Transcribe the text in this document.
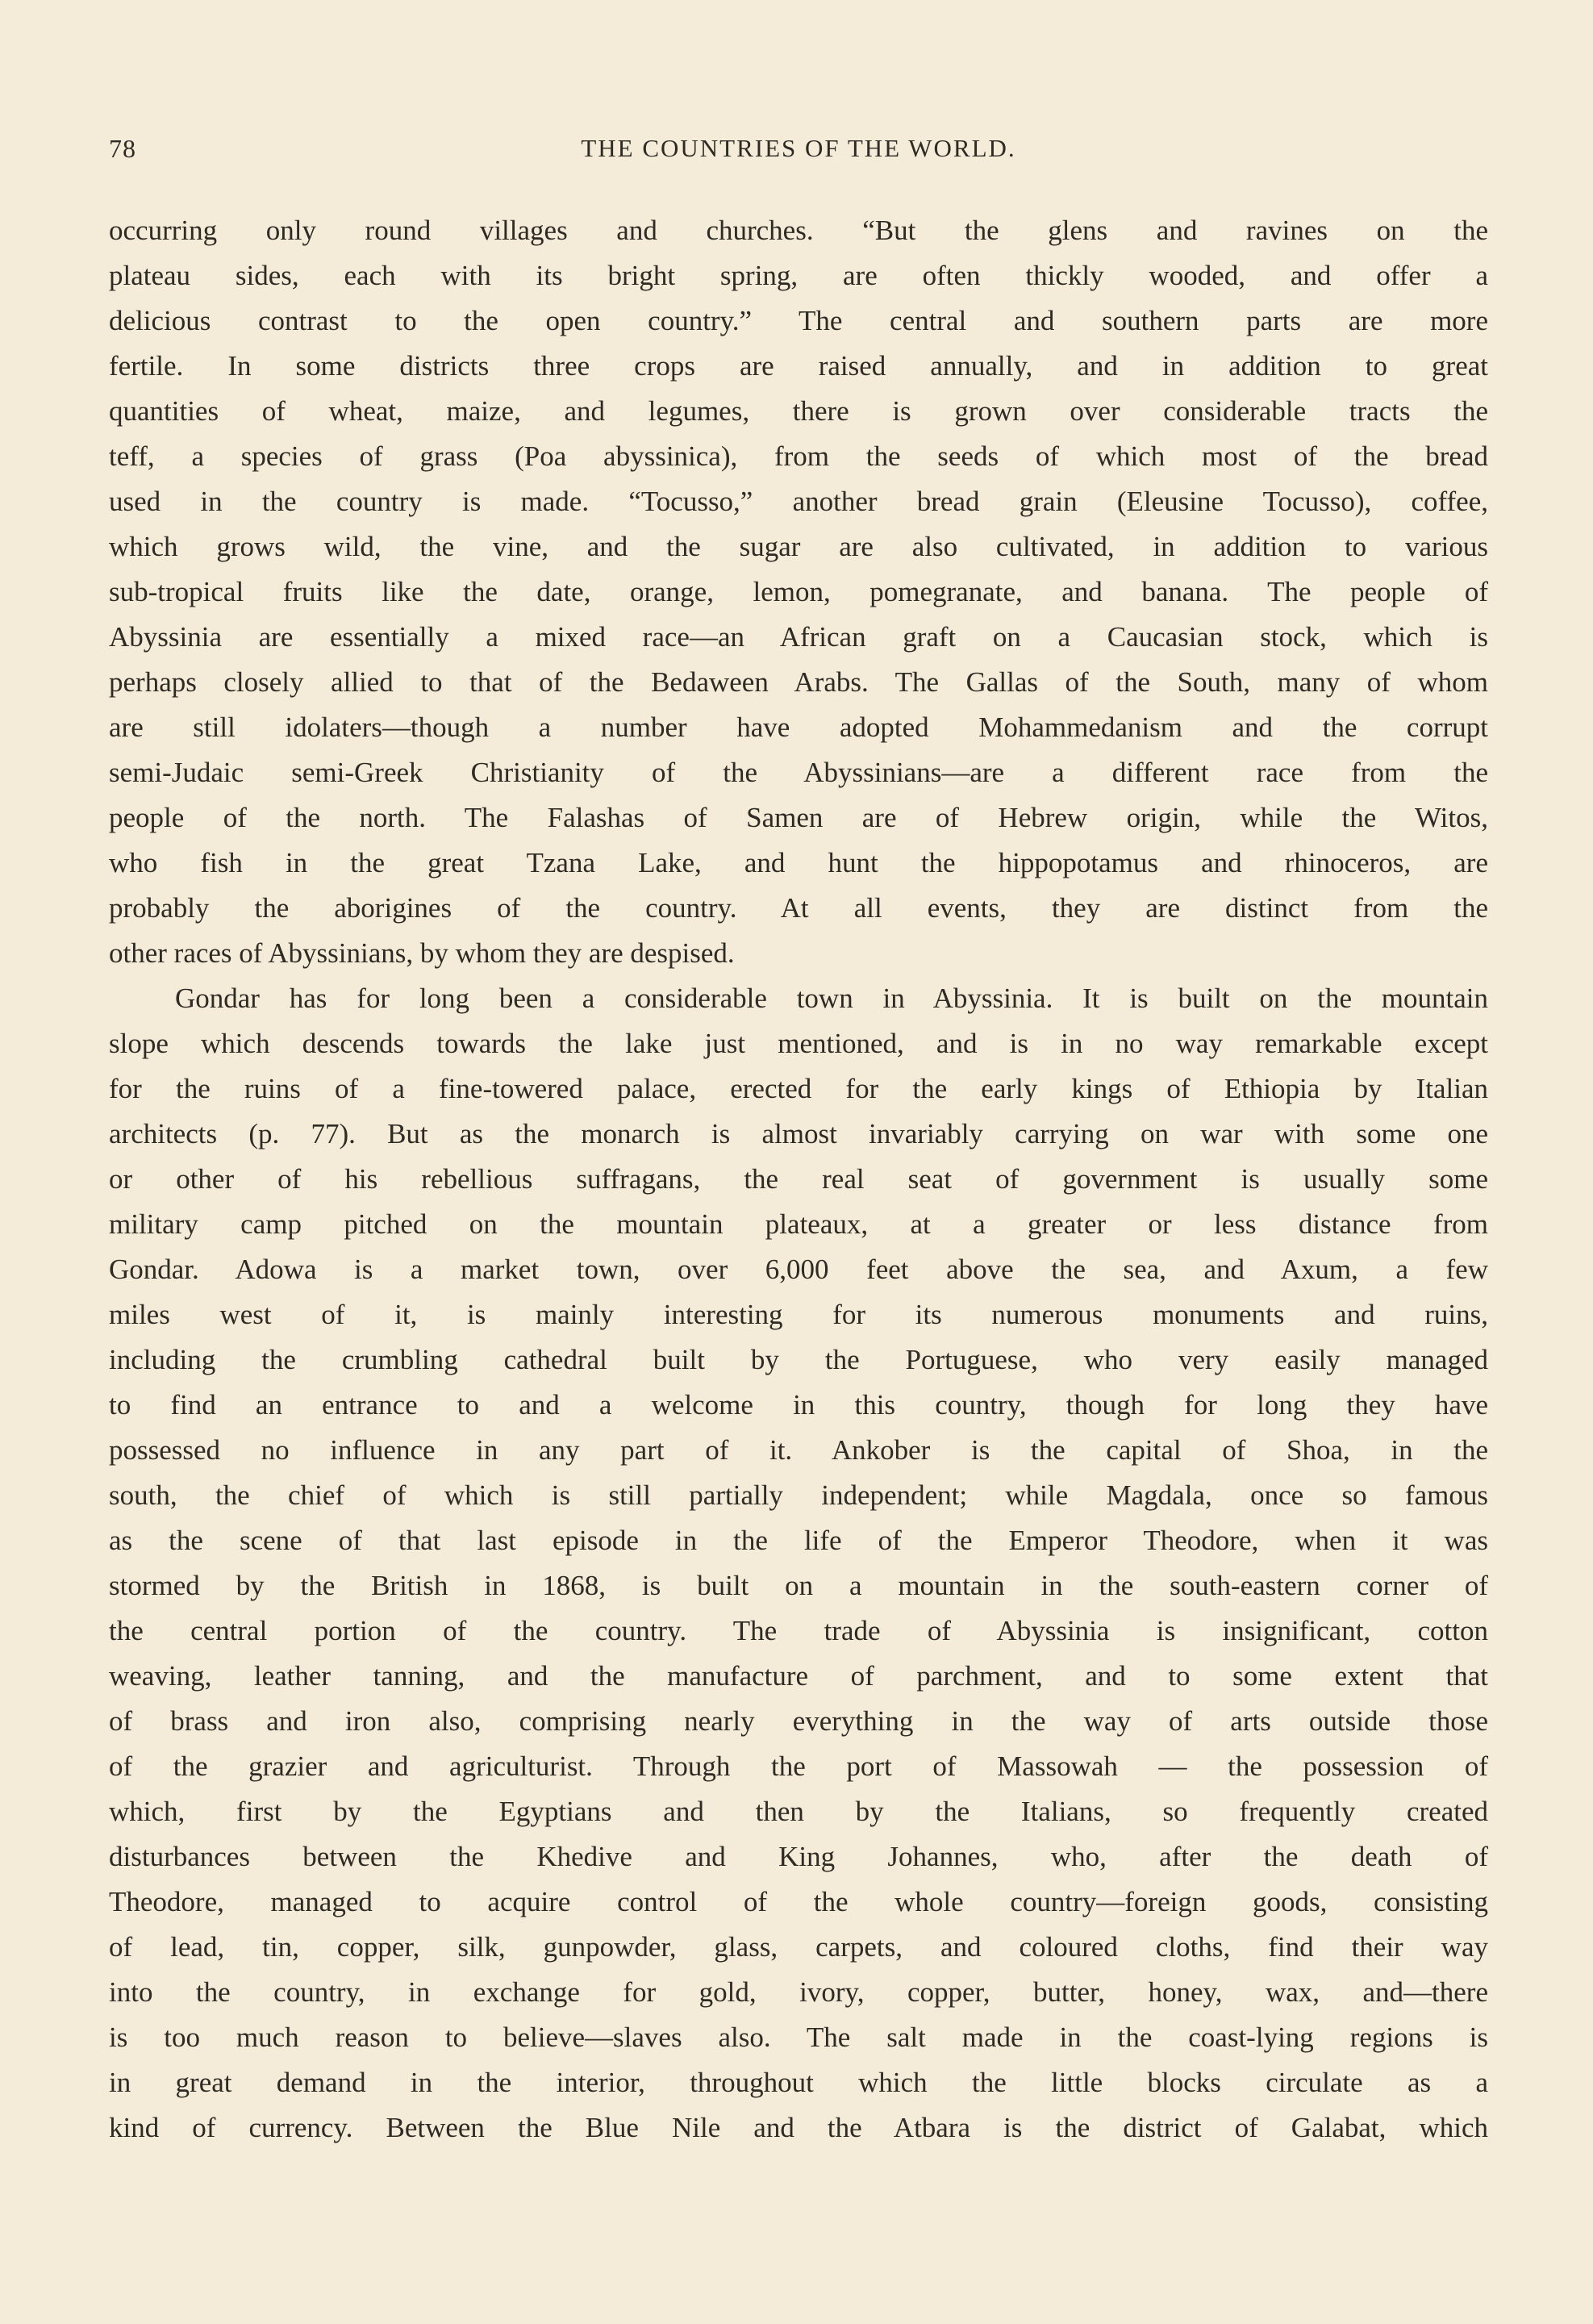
78	THE COUNTRIES OF THE WORLD.
occurring only round villages and churches. “But the glens and ravines on the
plateau sides, each with its bright spring, are often thickly wooded, and offer a
delicious contrast to the open country.” The central and southern parts are more
fertile. In some districts three crops are raised annually, and in addition to great
quantities of wheat, maize, and legumes, there is grown over considerable tracts the
teff, a species of grass (Poa abyssinica), from the seeds of which most of the bread
used in the country is made. “Tocusso,” another bread grain (Eleusine Tocusso), coffee,
which grows wild, the vine, and the sugar are also cultivated, in addition to various
sub-tropical fruits like the date, orange, lemon, pomegranate, and banana. The people of
Abyssinia are essentially a mixed race—an African graft on a Caucasian stock, which is
perhaps closely allied to that of the Bedaween Arabs. The Gallas of the South, many of whom
are still idolaters—though a number have adopted Mohammedanism and the corrupt
semi-Judaic semi-Greek Christianity of the Abyssinians—are a different race from the
people of the north. The Falashas of Samen are of Hebrew origin, while the Witos,
who fish in the great Tzana Lake, and hunt the hippopotamus and rhinoceros, are
probably the aborigines of the country. At all events, they are distinct from the
other races of Abyssinians, by whom they are despised.
Gondar has for long been a considerable town in Abyssinia. It is built on the mountain
slope which descends towards the lake just mentioned, and is in no way remarkable except
for the ruins of a fine-towered palace, erected for the early kings of Ethiopia by Italian
architects (p. 77). But as the monarch is almost invariably carrying on war with some one
or other of his rebellious suffragans, the real seat of government is usually some
military camp pitched on the mountain plateaux, at a greater or less distance from
Gondar. Adowa is a market town, over 6,000 feet above the sea, and Axum, a few
miles west of it, is mainly interesting for its numerous monuments and ruins,
including the crumbling cathedral built by the Portuguese, who very easily managed
to find an entrance to and a welcome in this country, though for long they have
possessed no influence in any part of it. Ankober is the capital of Shoa, in the
south, the chief of which is still partially independent; while Magdala, once so famous
as the scene of that last episode in the life of the Emperor Theodore, when it was
stormed by the British in 1868, is built on a mountain in the south-eastern corner of
the central portion of the country. The trade of Abyssinia is insignificant, cotton
weaving, leather tanning, and the manufacture of parchment, and to some extent that
of brass and iron also, comprising nearly everything in the way of arts outside those
of the grazier and agriculturist. Through the port of Massowah — the possession of
which, first by the Egyptians and then by the Italians, so frequently created
disturbances between the Khedive and King Johannes, who, after the death of
Theodore, managed to acquire control of the whole country—foreign goods, consisting
of lead, tin, copper, silk, gunpowder, glass, carpets, and coloured cloths, find their way
into the country, in exchange for gold, ivory, copper, butter, honey, wax, and—there
is too much reason to believe—slaves also. The salt made in the coast-lying regions is
in great demand in the interior, throughout which the little blocks circulate as a
kind of currency. Between the Blue Nile and the Atbara is the district of Galabat, which
